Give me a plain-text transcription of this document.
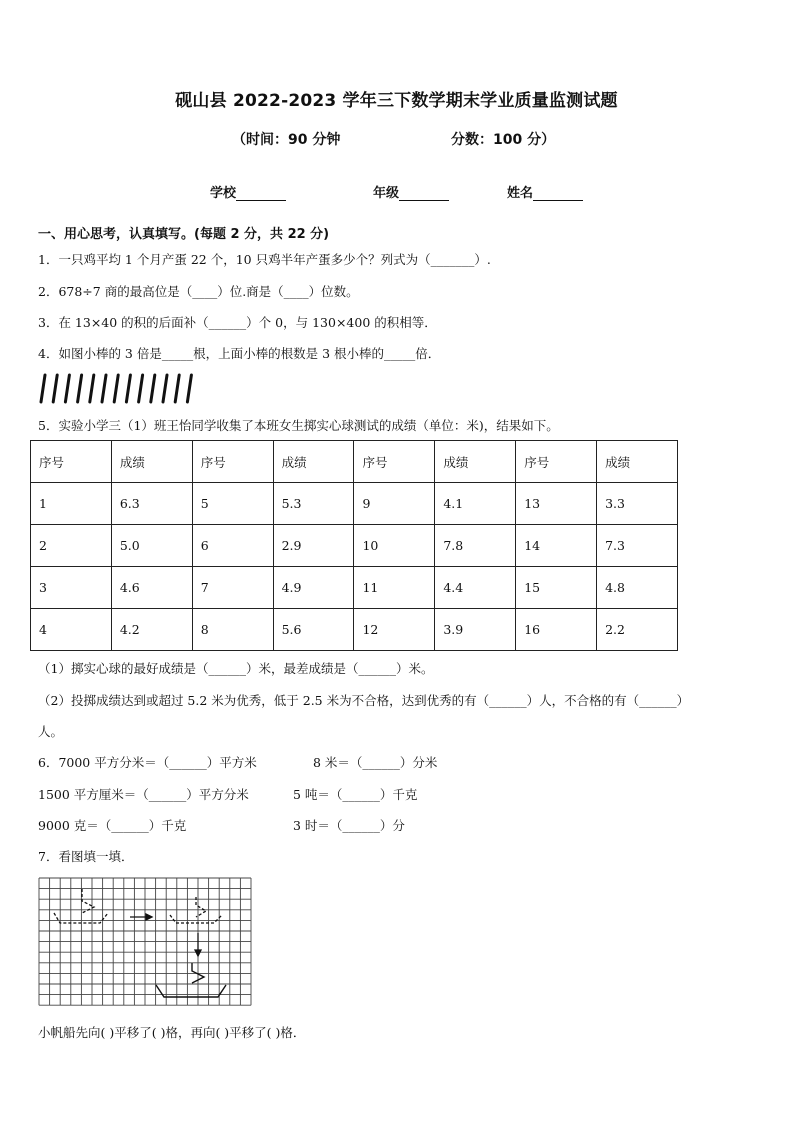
砚山县 2022-2023 学年三下数学期末学业质量监测试题
（时间：90 分钟	分数：100 分）
学校	年级	姓名
一、用心思考，认真填写。(每题 2 分，共 22 分)
1．一只鸡平均 1 个月产蛋 22 个，10 只鸡半年产蛋多少个？列式为（_______）.
2．678÷7 商的最高位是（____）位.商是（____）位数。
3．在 13×40 的积的后面补（______）个 0，与 130×400 的积相等．
4．如图小棒的 3 倍是_____根，上面小棒的根数是 3 根小棒的_____倍．
5．实验小学三（1）班王怡同学收集了本班女生掷实心球测试的成绩（单位：米)，结果如下。
序号	成绩	序号	成绩	序号	成绩	序号	成绩
1	6.3	5	5.3	9	4.1	13	3.3
2	5.0	6	2.9	10	7.8	14	7.3
3	4.6	7	4.9	11	4.4	15	4.8
4	4.2	8	5.6	12	3.9	16	2.2
（1）掷实心球的最好成绩是（______）米，最差成绩是（______）米。
（2）投掷成绩达到或超过 5.2 米为优秀，低于 2.5 米为不合格，达到优秀的有（______）人，不合格的有（______）
人。
6．7000 平方分米＝（______）平方米	8 米＝（______）分米
1500 平方厘米＝（______）平方分米	5 吨＝（______）千克
9000 克＝（______）千克	3 时＝（______）分
7．看图填一填．
小帆船先向( )平移了( )格，再向( )平移了( )格．
